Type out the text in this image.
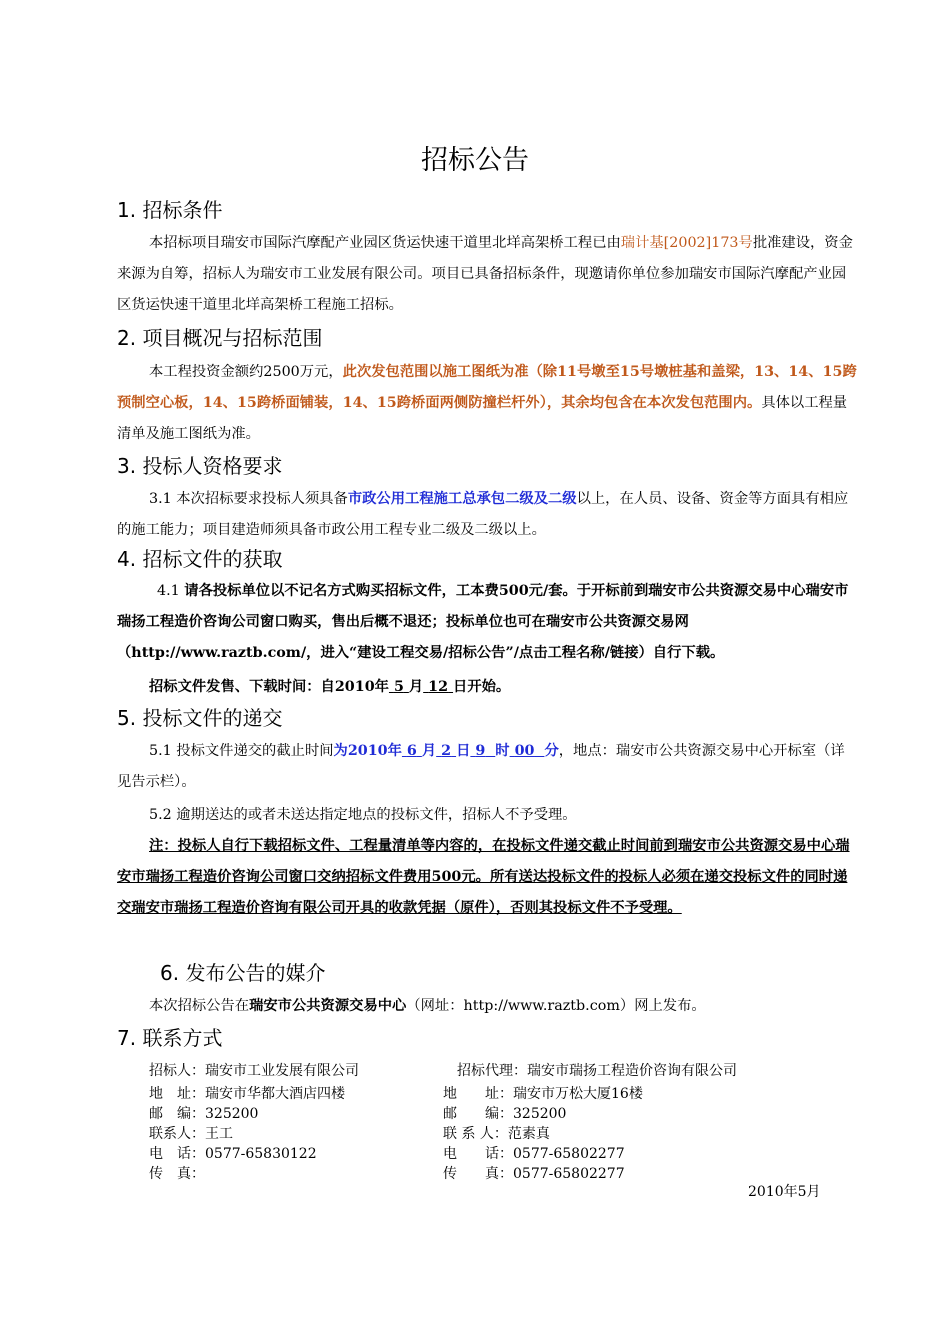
招标公告
1. 招标条件
本招标项目瑞安市国际汽摩配产业园区货运快速干道里北垟高架桥工程已由瑞计基[2002]173号批准建设，资金来源为自筹，招标人为瑞安市工业发展有限公司。项目已具备招标条件，现邀请你单位参加瑞安市国际汽摩配产业园区货运快速干道里北垟高架桥工程施工招标。
2. 项目概况与招标范围
本工程投资金额约2500万元，此次发包范围以施工图纸为准（除11号墩至15号墩桩基和盖梁，13、14、15跨预制空心板，14、15跨桥面铺装，14、15跨桥面两侧防撞栏杆外），其余均包含在本次发包范围内。具体以工程量清单及施工图纸为准。
3. 投标人资格要求
3.1 本次招标要求投标人须具备市政公用工程施工总承包二级及二级以上，在人员、设备、资金等方面具有相应的施工能力；项目建造师须具备市政公用工程专业二级及二级以上。
4. 招标文件的获取
4.1 请各投标单位以不记名方式购买招标文件，工本费500元/套。于开标前到瑞安市公共资源交易中心瑞安市瑞扬工程造价咨询公司窗口购买，售出后概不退还；投标单位也可在瑞安市公共资源交易网（http://www.raztb.com/，进入“建设工程交易/招标公告”/点击工程名称/链接）自行下载。
招标文件发售、下载时间：自2010年 5 月 12 日开始。
5. 投标文件的递交
5.1 投标文件递交的截止时间为2010年 6 月 2 日 9 时 00 分，地点：瑞安市公共资源交易中心开标室（详见告示栏）。
5.2 逾期送达的或者未送达指定地点的投标文件，招标人不予受理。
注：投标人自行下载招标文件、工程量清单等内容的，在投标文件递交截止时间前到瑞安市公共资源交易中心瑞安市瑞扬工程造价咨询公司窗口交纳招标文件费用500元。所有送达投标文件的投标人必须在递交投标文件的同时递交瑞安市瑞扬工程造价咨询有限公司开具的收款凭据（原件），否则其投标文件不予受理。
6. 发布公告的媒介
本次招标公告在瑞安市公共资源交易中心（网址：http://www.raztb.com）网上发布。
7. 联系方式
招标人：瑞安市工业发展有限公司
地　址：瑞安市华都大酒店四楼
邮　编：325200
联系人：王工
电　话：0577-65830122
传　真：
招标代理：瑞安市瑞扬工程造价咨询有限公司
地　　址：瑞安市万松大厦16楼
邮　　编：325200
联 系 人：范素真
电　　话：0577-65802277
传　　真：0577-65802277
2010年5月
